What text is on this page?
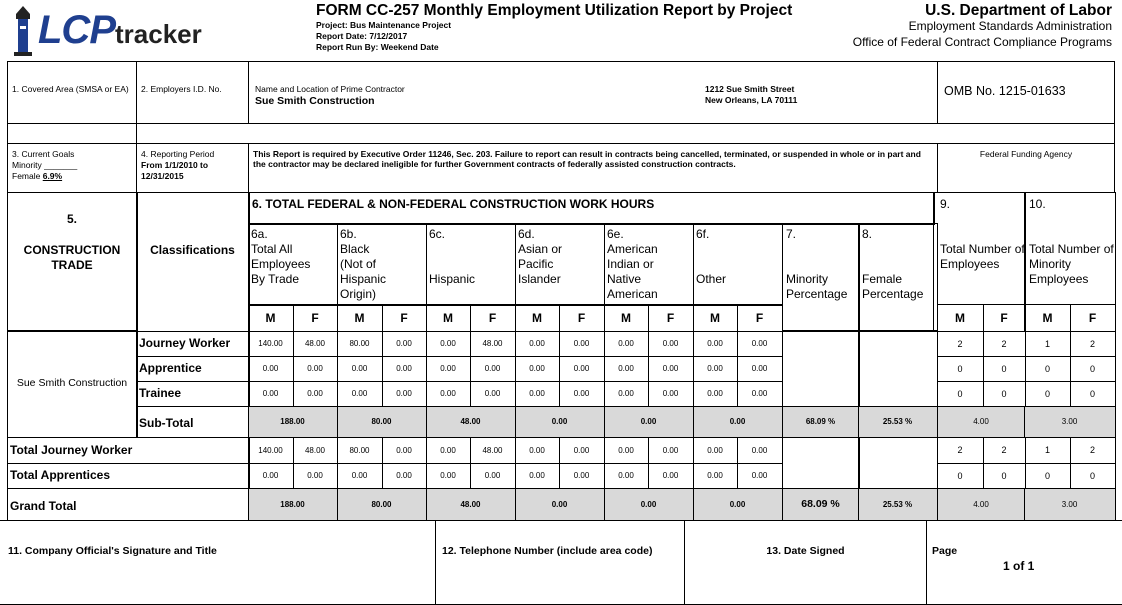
LCPtracker
FORM CC-257 Monthly Employment Utilization Report by Project
Project: Bus Maintenance Project
Report Date: 7/12/2017
Report Run By: Weekend Date
U.S. Department of Labor
Employment Standards Administration
Office of Federal Contract Compliance Programs
1. Covered Area (SMSA or EA)	2. Employers I.D. No.	Name and Location of Prime Contractor
Sue Smith Construction
1212 Sue Smith Street
New Orleans, LA 70111
OMB No. 1215-01633
3. Current Goals
Minority _______
Female 6.9%
4. Reporting Period
From 1/1/2010 to
12/31/2015
This Report is required by Executive Order 11246, Sec. 203. Failure to report can result in contracts being cancelled, terminated, or suspended in whole or in part and the contractor may be declared ineligible for further Government contracts of federally assisted construction contracts.
Federal Funding Agency
5.
CONSTRUCTION TRADE
Classifications
6. TOTAL FEDERAL & NON-FEDERAL CONSTRUCTION WORK HOURS	9.	10.
Total Number of Employees
Total Number of Minority Employees
6a.
Total All
Employees
By Trade
6b.
Black
(Not of
Hispanic
Origin)
6c.

Hispanic
6d.
Asian or
Pacific
Islander
6e.
American
Indian or
Native
American
6f.

Other
7.

Minority
Percentage
8.

Female
Percentage
M	F	M	F	M	F	M	F	M	F	M	F	M	F	M	F
Sue Smith Construction
Journey Worker	140.00	48.00	80.00	0.00	0.00	48.00	0.00	0.00	0.00	0.00	0.00	0.00	2	2	1	2
Apprentice	0.00	0.00	0.00	0.00	0.00	0.00	0.00	0.00	0.00	0.00	0.00	0.00	0	0	0	0
Trainee	0.00	0.00	0.00	0.00	0.00	0.00	0.00	0.00	0.00	0.00	0.00	0.00	0	0	0	0
Sub-Total	188.00	80.00	48.00	0.00	0.00	0.00	68.09 %	25.53 %	4.00	3.00
Total Journey Worker	140.00	48.00	80.00	0.00	0.00	48.00	0.00	0.00	0.00	0.00	0.00	0.00	2	2	1	2
Total Apprentices	0.00	0.00	0.00	0.00	0.00	0.00	0.00	0.00	0.00	0.00	0.00	0.00	0	0	0	0
Grand Total	188.00	80.00	48.00	0.00	0.00	0.00	68.09 %	25.53 %	4.00	3.00
11. Company Official's Signature and Title	12. Telephone Number (include area code)	13. Date Signed	Page
1 of 1
